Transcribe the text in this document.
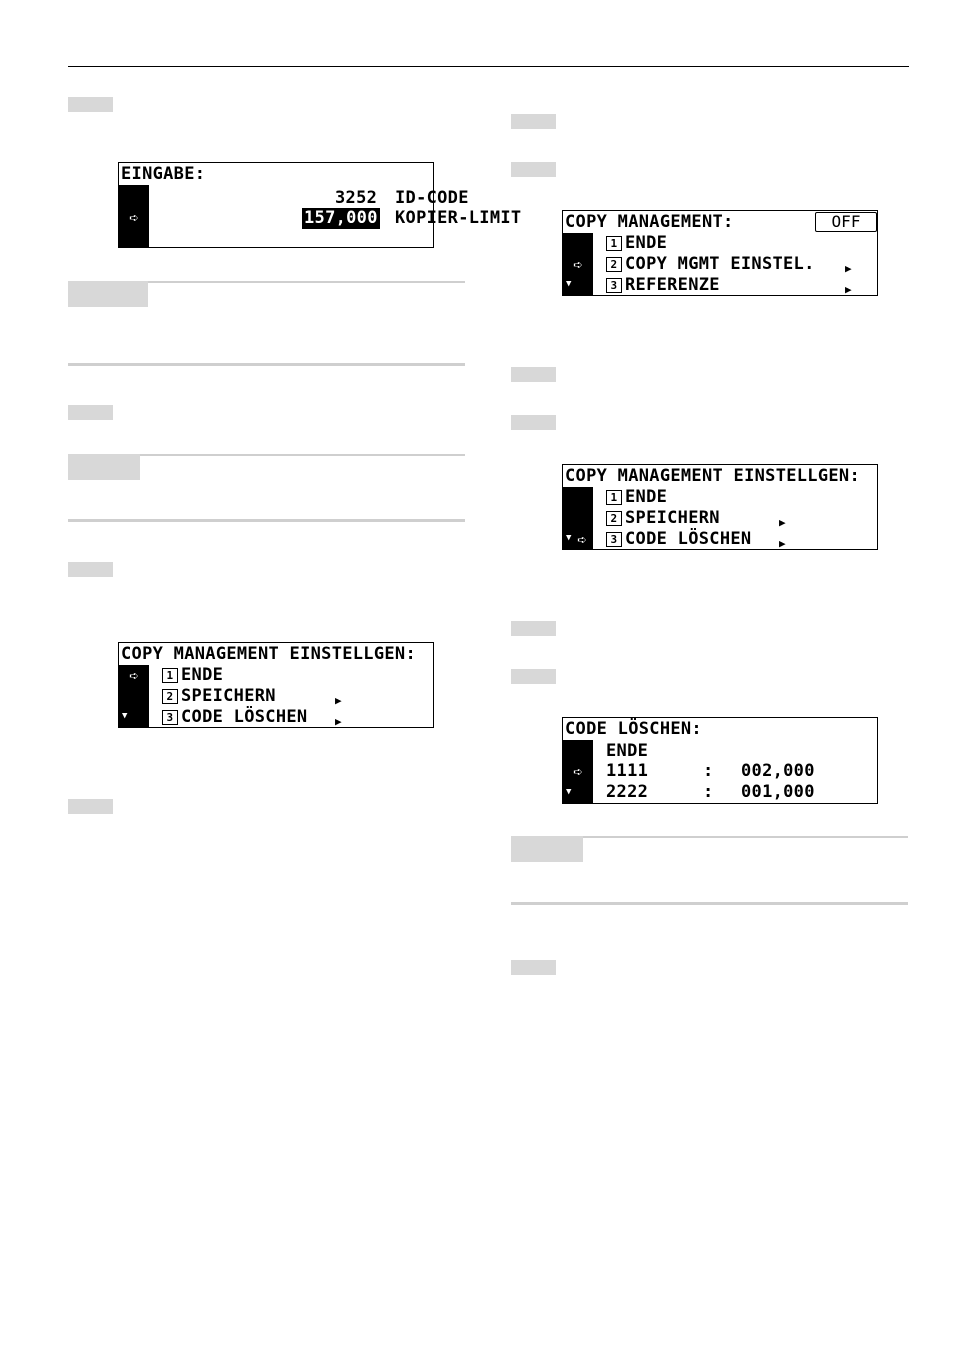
EINGABE:
3252 ID-CODE
➪	157,000 KOPIER-LIMIT
COPY MANAGEMENT EINSTELLGEN:
➪	1 ENDE
2 SPEICHERN	▶
3 CODE LÖSCHEN	▶
▼
COPY MANAGEMENT:	OFF
1 ENDE
➪	2 COPY MGMT EINSTEL.	▶
3 REFERENZE	▶
▼
COPY MANAGEMENT EINSTELLGEN:
1 ENDE
2 SPEICHERN	▶
➪	3 CODE LÖSCHEN	▶
▼
CODE LÖSCHEN:
ENDE
➪	1111	: 002,000
2222	: 001,000
▼
